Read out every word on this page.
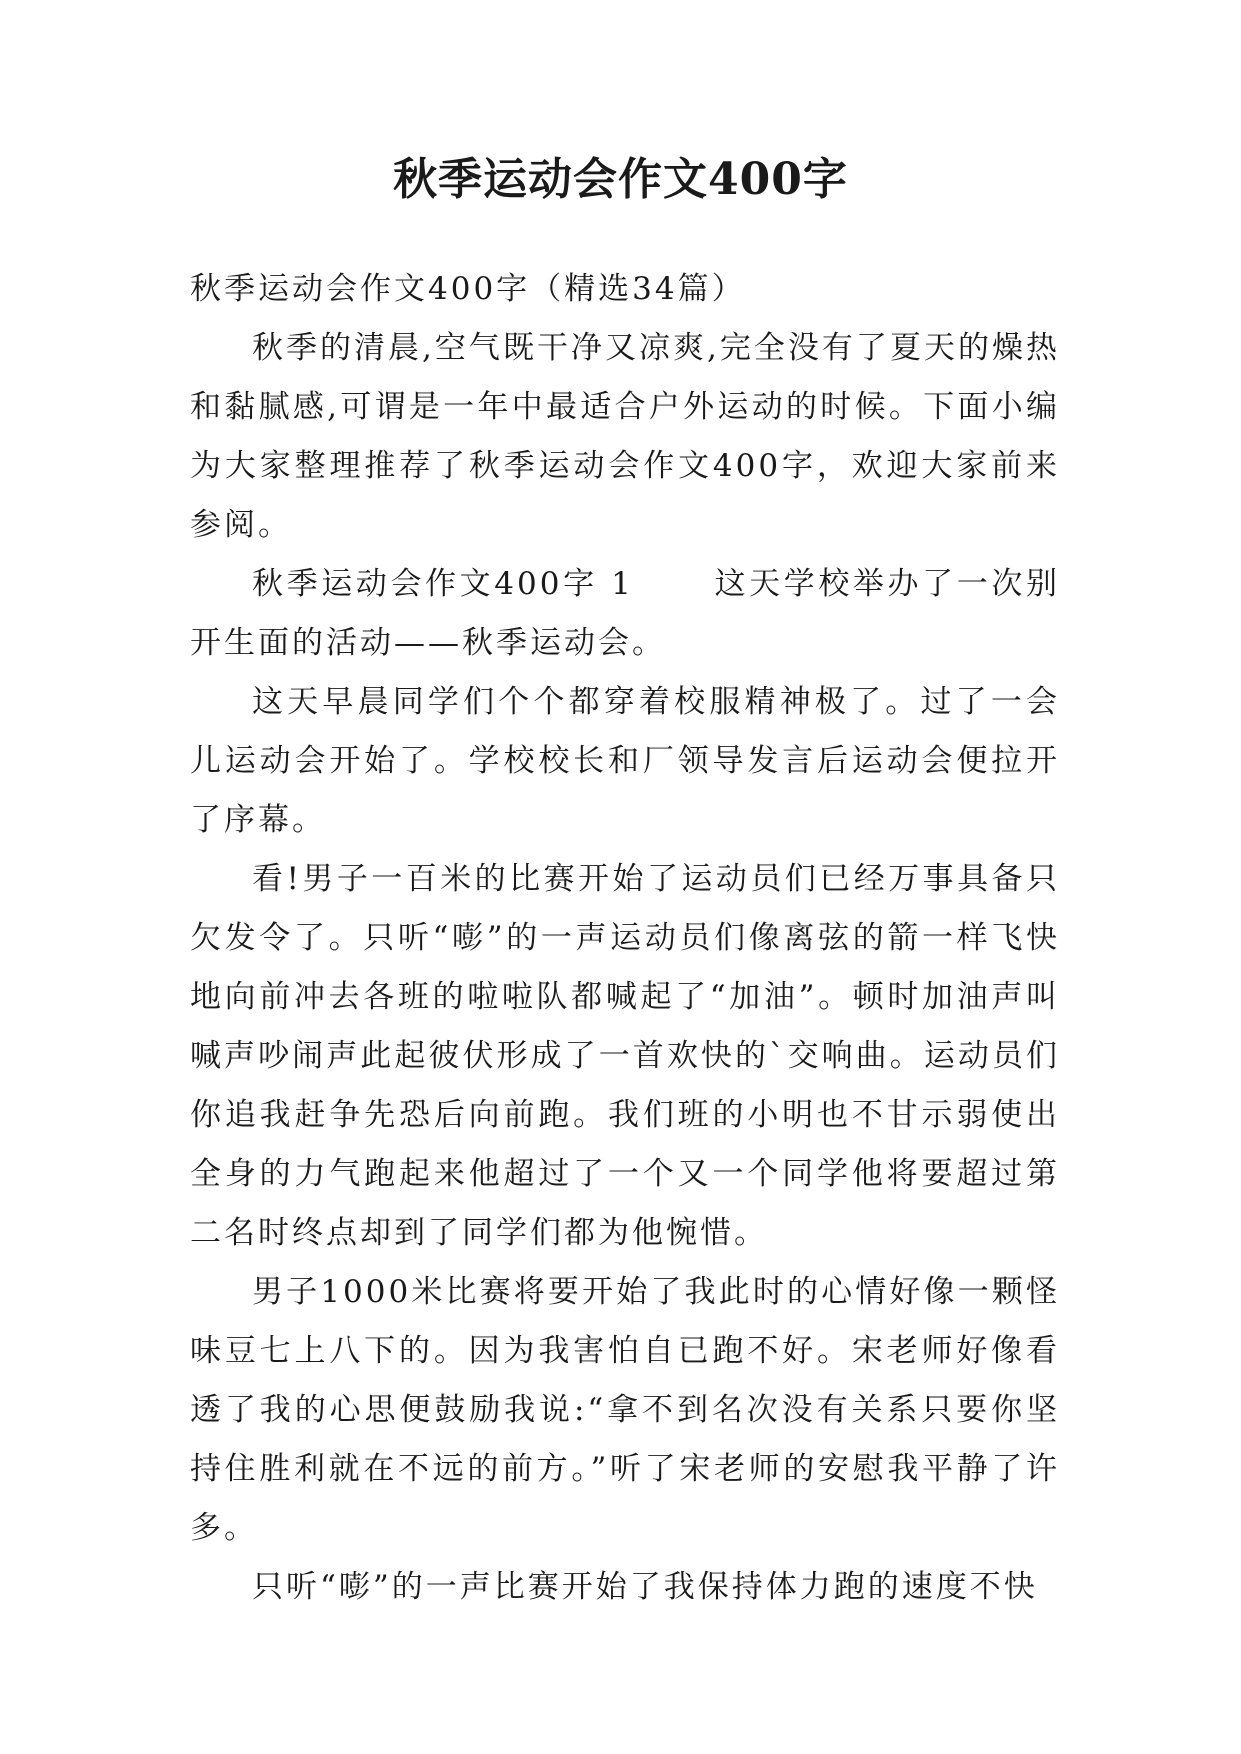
秋季运动会作文400字

秋季运动会作文400字（精选34篇）

秋季的清晨,空气既干净又凉爽,完全没有了夏天的燥热和黏腻感,可谓是一年中最适合户外运动的时候。下面小编为大家整理推荐了秋季运动会作文400字，欢迎大家前来参阅。

秋季运动会作文400字 1	这天学校举办了一次别开生面的活动——秋季运动会。

这天早晨同学们个个都穿着校服精神极了。过了一会儿运动会开始了。学校校长和厂领导发言后运动会便拉开了序幕。

看!男子一百米的比赛开始了运动员们已经万事具备只欠发令了。只听“嘭”的一声运动员们像离弦的箭一样飞快地向前冲去各班的啦啦队都喊起了“加油”。顿时加油声叫喊声吵闹声此起彼伏形成了一首欢快的`交响曲。运动员们你追我赶争先恐后向前跑。我们班的小明也不甘示弱使出全身的力气跑起来他超过了一个又一个同学他将要超过第二名时终点却到了同学们都为他惋惜。

男子1000米比赛将要开始了我此时的心情好像一颗怪味豆七上八下的。因为我害怕自已跑不好。宋老师好像看透了我的心思便鼓励我说:“拿不到名次没有关系只要你坚持住胜利就在不远的前方。”听了宋老师的安慰我平静了许多。

只听“嘭”的一声比赛开始了我保持体力跑的速度不快
